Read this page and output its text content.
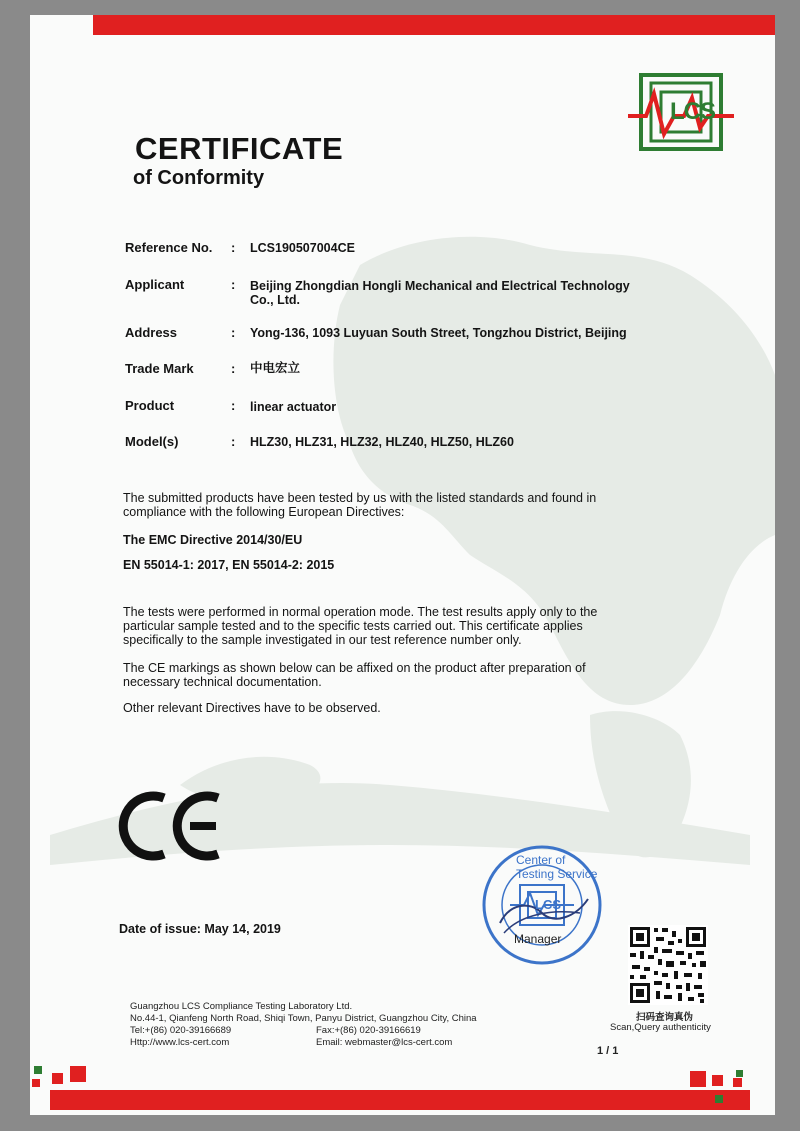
LCS
CERTIFICATE
of Conformity
Reference No. : LCS190507004CE
Applicant	: Beijing Zhongdian Hongli Mechanical and Electrical Technology
Co., Ltd.
Address	: Yong-136, 1093 Luyuan South Street, Tongzhou District, Beijing
Trade Mark	: 中电宏立
Product	: linear actuator
Model(s)	: HLZ30, HLZ31, HLZ32, HLZ40, HLZ50, HLZ60
The submitted products have been tested by us with the listed standards and found in
compliance with the following European Directives:
The EMC Directive 2014/30/EU
EN 55014-1: 2017, EN 55014-2: 2015
The tests were performed in normal operation mode. The test results apply only to the
particular sample tested and to the specific tests carried out. This certificate applies
specifically to the sample investigated in our test reference number only.
The CE markings as shown below can be affixed on the product after preparation of
necessary technical documentation.
Other relevant Directives have to be observed.
Center of Testing Service
LCS
Manager
Date of issue: May 14, 2019
扫码查询真伪
Scan,Query authenticity
Guangzhou LCS Compliance Testing Laboratory Ltd.
No.44-1, Qianfeng North Road, Shiqi Town, Panyu District, Guangzhou City, China
Tel:+(86) 020-39166689	Fax:+(86) 020-39166619
Http://www.lcs-cert.com	Email: webmaster@lcs-cert.com
1 / 1
